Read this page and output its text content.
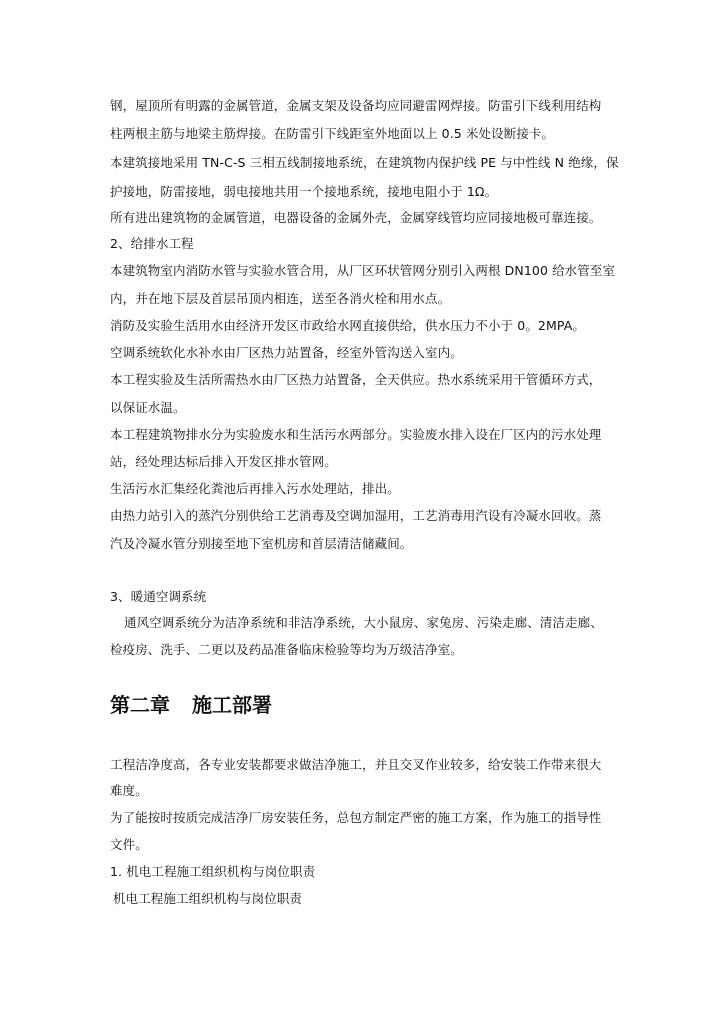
钢，屋顶所有明露的金属管道，金属支架及设备均应同避雷网焊接。防雷引下线利用结构
柱两根主筋与地梁主筋焊接。在防雷引下线距室外地面以上 0.5 米处设断接卡。
本建筑接地采用 TN-C-S 三相五线制接地系统，在建筑物内保护线 PE 与中性线 N 绝缘，保
护接地，防雷接地，弱电接地共用一个接地系统，接地电阻小于 1Ω。
所有进出建筑物的金属管道，电器设备的金属外壳，金属穿线管均应同接地极可靠连接。
2、给排水工程
本建筑物室内消防水管与实验水管合用，从厂区环状管网分别引入两根 DN100 给水管至室
内，并在地下层及首层吊顶内相连，送至各消火栓和用水点。
消防及实验生活用水由经济开发区市政给水网直接供给，供水压力不小于 0。2MPA。
空调系统软化水补水由厂区热力站置备，经室外管沟送入室内。
本工程实验及生活所需热水由厂区热力站置备，全天供应。热水系统采用干管循环方式，
以保证水温。
本工程建筑物排水分为实验废水和生活污水两部分。实验废水排入设在厂区内的污水处理
站，经处理达标后排入开发区排水管网。
生活污水汇集经化粪池后再排入污水处理站，排出。
由热力站引入的蒸汽分别供给工艺消毒及空调加湿用，工艺消毒用汽设有冷凝水回收。蒸
汽及冷凝水管分别接至地下室机房和首层清洁储藏间。
3、暖通空调系统
通风空调系统分为洁净系统和非洁净系统，大小鼠房、家兔房、污染走廊、清洁走廊、
检疫房、洗手、二更以及药品准备临床检验等均为万级洁净室。
第二章 施工部署
工程洁净度高，各专业安装都要求做洁净施工，并且交叉作业较多，给安装工作带来很大
难度。
为了能按时按质完成洁净厂房安装任务，总包方制定严密的施工方案，作为施工的指导性
文件。
1. 机电工程施工组织机构与岗位职责
机电工程施工组织机构与岗位职责
